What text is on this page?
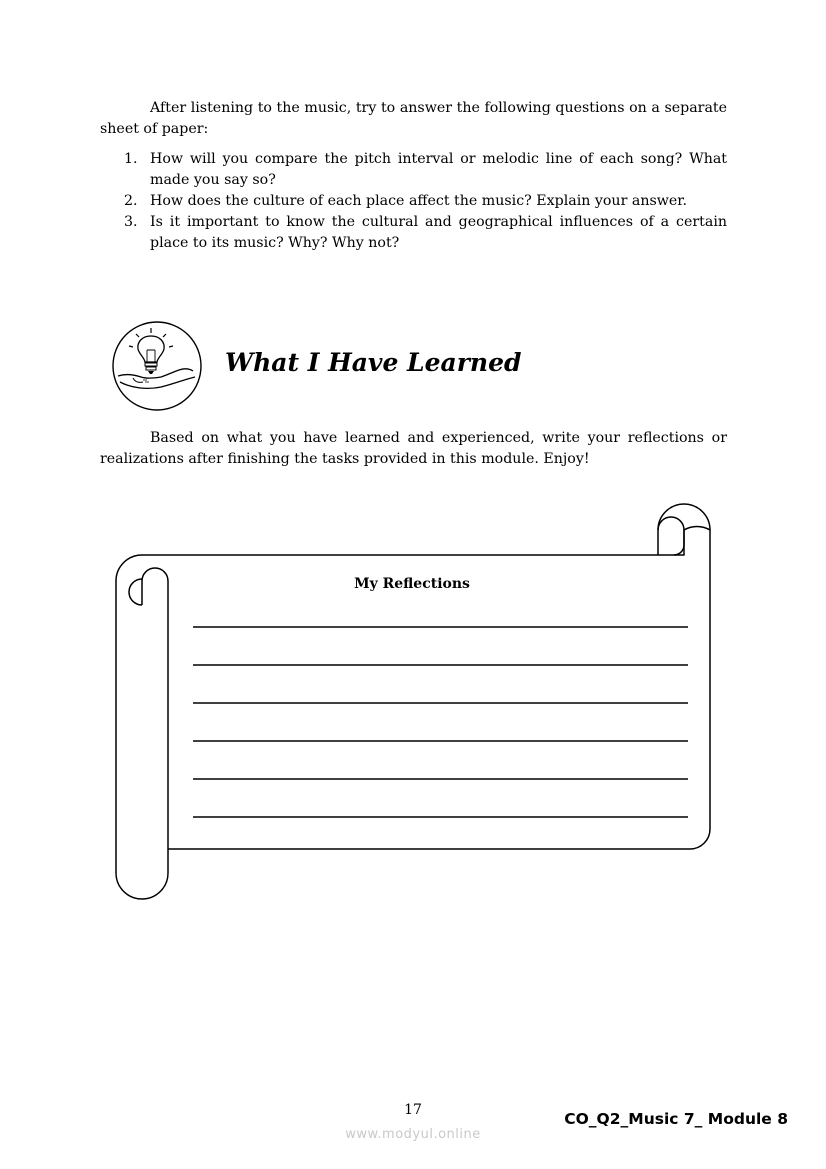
After listening to the music, try to answer the following questions on a separate sheet of paper:

1. How will you compare the pitch interval or melodic line of each song? What made you say so?
2. How does the culture of each place affect the music? Explain your answer.
3. Is it important to know the cultural and geographical influences of a certain place to its music? Why? Why not?
What I Have Learned

Based on what you have learned and experienced, write your reflections or realizations after finishing the tasks provided in this module. Enjoy!

My Reflections
17	CO_Q2_Music 7_ Module 8
www.modyul.online
